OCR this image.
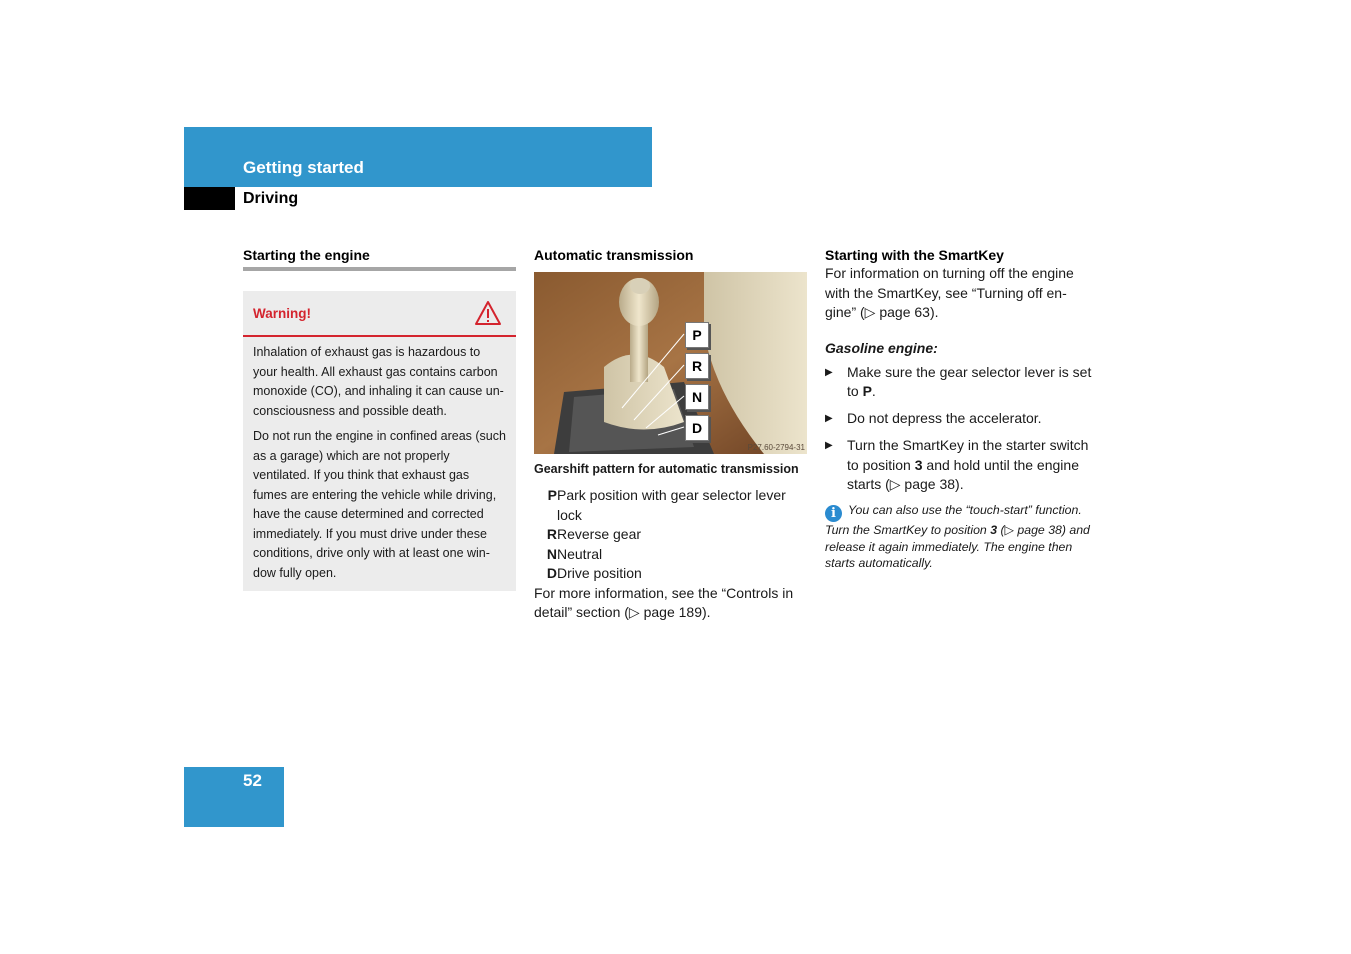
Getting started
Driving
Starting the engine
Warning!

Inhalation of exhaust gas is hazardous to your health. All exhaust gas contains carbon monoxide (CO), and inhaling it can cause un-consciousness and possible death.

Do not run the engine in confined areas (such as a garage) which are not properly ventilated. If you think that exhaust gas fumes are entering the vehicle while driving, have the cause determined and corrected immediately. If you must drive under these conditions, drive only with at least one win-dow fully open.

Automatic transmission
P
R
N
D
P27.60-2794-31
Gearshift pattern for automatic transmission
P Park position with gear selector lever lock
R Reverse gear
N Neutral
D Drive position

For more information, see the “Controls in detail” section (▷ page 189).

Starting with the SmartKey

For information on turning off the engine with the SmartKey, see “Turning off en-gine” (▷ page 63).

Gasoline engine:
▶	Make sure the gear selector lever is set to P.
▶	Do not depress the accelerator.
▶	Turn the SmartKey in the starter switch to position 3 and hold until the engine starts (▷ page 38).
i You can also use the “touch-start” function. Turn the SmartKey to position 3 (▷ page 38) and release it again immediately. The engine then starts automatically.
52
